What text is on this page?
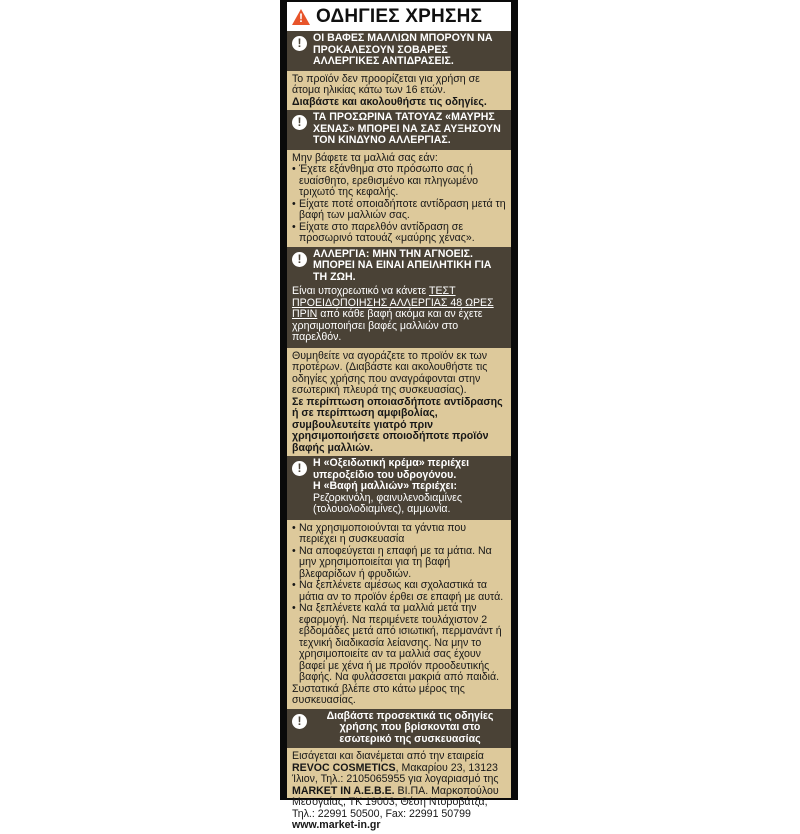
! ΟΔΗΓΙΕΣ ΧΡΗΣΗΣ
!	ΟΙ ΒΑΦΕΣ ΜΑΛΛΙΩΝ ΜΠΟΡΟΥΝ ΝΑ ΠΡΟΚΑΛΕΣΟΥΝ ΣΟΒΑΡΕΣ ΑΛΛΕΡΓΙΚΕΣ ΑΝΤΙΔΡΑΣΕΙΣ.

Το προϊόν δεν προορίζεται για χρήση σε άτομα ηλικίας κάτω των 16 ετών.

Διαβάστε και ακολουθήστε τις οδηγίες.

!	ΤΑ ΠΡΟΣΩΡΙΝΑ ΤΑΤΟΥΑΖ «ΜΑΥΡΗΣ ΧΕΝΑΣ» ΜΠΟΡΕΙ ΝΑ ΣΑΣ ΑΥΞΗΣΟΥΝ ΤΟΝ ΚΙΝΔΥΝΟ ΑΛΛΕΡΓΙΑΣ.

Μην βάφετε τα μαλλιά σας εάν:

• Έχετε εξάνθημα στο πρόσωπο σας ή ευαίσθητο, ερεθισμένο και πληγωμένο τριχωτό της κεφαλής.
• Είχατε ποτέ οποιαδήποτε αντίδραση μετά τη βαφή των μαλλιών σας.
• Είχατε στο παρελθόν αντίδραση σε προσωρινό τατουάζ «μαύρης χένας».
!	ΑΛΛΕΡΓΙΑ: ΜΗΝ ΤΗΝ ΑΓΝΟΕΙΣ. ΜΠΟΡΕΙ ΝΑ ΕΙΝΑΙ ΑΠΕΙΛΗΤΙΚΗ ΓΙΑ ΤΗ ΖΩΗ.
Είναι υποχρεωτικό να κάνετε ΤΕΣΤ ΠΡΟΕΙΔΟΠΟΙΗΣΗΣ ΑΛΛΕΡΓΙΑΣ 48 ΩΡΕΣ ΠΡΙΝ από κάθε βαφή ακόμα και αν έχετε χρησιμοποιήσει βαφές μαλλιών στο παρελθόν.

Θυμηθείτε να αγοράζετε το προϊόν εκ των προτέρων. (Διαβάστε και ακολουθήστε τις οδηγίες χρήσης που αναγράφονται στην εσωτερική πλευρά της συσκευασίας).

Σε περίπτωση οποιασδήποτε αντίδρασης ή σε περίπτωση αμφιβολίας, συμβουλευτείτε γιατρό πριν χρησιμοποιήσετε οποιοδήποτε προϊόν βαφής μαλλιών.

!	Η «Οξειδωτική κρέμα» περιέχει υπεροξείδιο του υδρογόνου.
Η «Βαφή μαλλιών» περιέχει: Ρεζορκινόλη, φαινυλενοδιαμίνες (τολουολοδιαμίνες), αμμωνία.
• Να χρησιμοποιούνται τα γάντια που περιέχει η συσκευασία
• Να αποφεύγεται η επαφή με τα μάτια. Να μην χρησιμοποιείται για τη βαφή βλεφαρίδων ή φρυδιών.
• Να ξεπλένετε αμέσως και σχολαστικά τα μάτια αν το προϊόν έρθει σε επαφή με αυτά.
• Να ξεπλένετε καλά τα μαλλιά μετά την εφαρμογή. Να περιμένετε τουλάχιστον 2 εβδομάδες μετά από ισιωτική, περμανάντ ή τεχνική διαδικασία λείανσης. Να μην το χρησιμοποιείτε αν τα μαλλιά σας έχουν βαφεί με χένα ή με προϊόν προοδευτικής βαφής. Να φυλάσσεται μακριά από παιδιά.

Συστατικά βλέπε στο κάτω μέρος της συσκευασίας.

!	Διαβάστε προσεκτικά τις οδηγίες χρήσης που βρίσκονται στο εσωτερικό της συσκευασίας

Εισάγεται και διανέμεται από την εταιρεία REVOC COSMETICS, Μακαρίου 23, 13123 Ίλιον, Τηλ.: 2105065955 για λογαριασμό της MARKET IN A.E.B.E. ΒΙ.ΠΑ. Μαρκοπούλου Μεσογαίας, ΤΚ 19003, Θέση Ντοροβάτζα, Τηλ.: 22991 50500, Fax: 22991 50799

www.market-in.gr
